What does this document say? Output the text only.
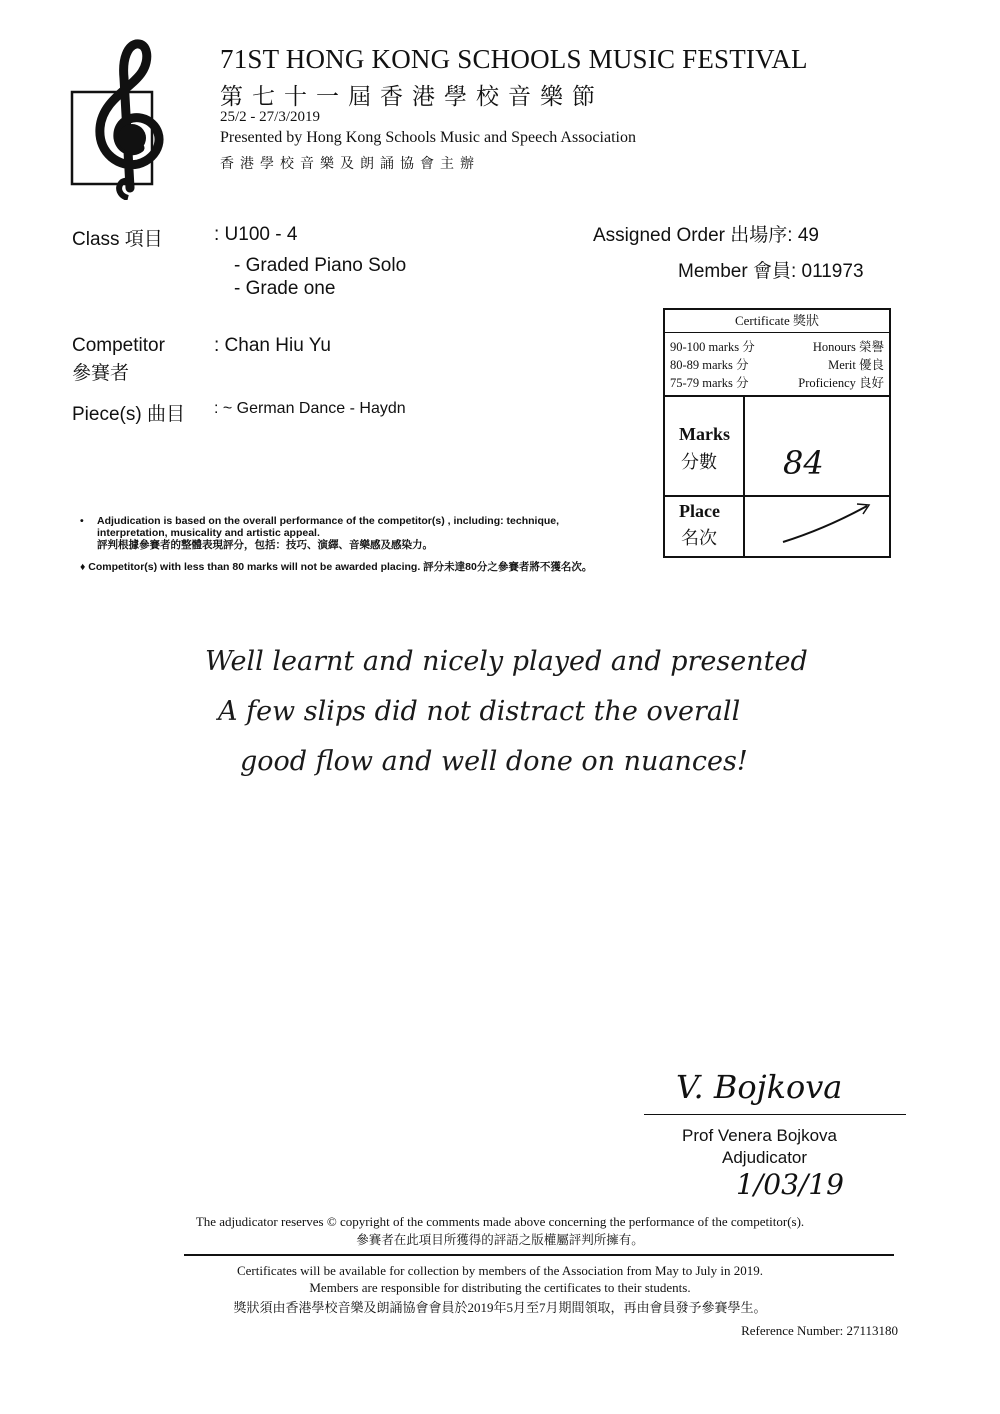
71ST HONG KONG SCHOOLS MUSIC FESTIVAL
第七十一屆香港學校音樂節
25/2 - 27/3/2019
Presented by Hong Kong Schools Music and Speech Association
香港學校音樂及朗誦協會主辦
Class 項目	: U100 - 4
- Graded Piano Solo
- Grade one
Assigned Order 出場序: 49
Member 會員: 011973
Competitor
參賽者
: Chan Hiu Yu
Piece(s) 曲目 : ~ German Dance - Haydn
Certificate 獎狀
90-100 marks 分	Honours 榮譽
80-89 marks 分	Merit 優良
75-79 marks 分	Proficiency 良好
Marks
分數 84
Place
名次
• Adjudication is based on the overall performance of the competitor(s) , including: technique, interpretation, musicality and artistic appeal.
評判根據參賽者的整體表現評分，包括：技巧、演繹、音樂感及感染力。
♦ Competitor(s) with less than 80 marks will not be awarded placing. 評分未達80分之參賽者將不獲名次。
Well learnt and nicely played and presented
A few slips did not distract the overall
good flow and well done on nuances!
V. Bojkova
Prof Venera Bojkova
Adjudicator
1/03/19
The adjudicator reserves © copyright of the comments made above concerning the performance of the competitor(s).
參賽者在此項目所獲得的評語之版權屬評判所擁有。
Certificates will be available for collection by members of the Association from May to July in 2019.
Members are responsible for distributing the certificates to their students.
獎狀須由香港學校音樂及朗誦協會會員於2019年5月至7月期間領取，再由會員發予參賽學生。
Reference Number: 27113180
